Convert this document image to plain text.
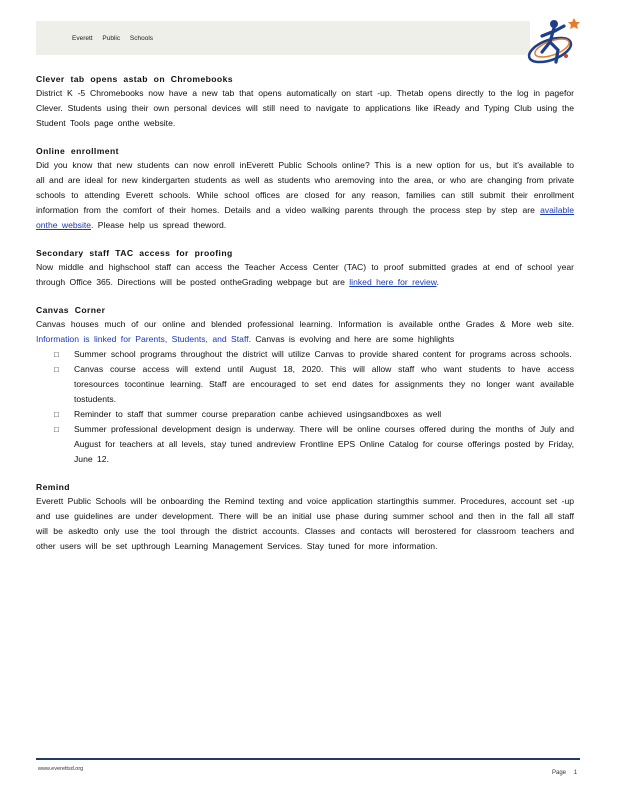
Everett Public Schools
Clever tab opens astab on Chromebooks

District K -5 Chromebooks now have a new tab that opens automatically on start -up. Thetab opens directly to the log in pagefor Clever. Students using their own personal devices will still need to navigate to applications like iReady and Typing Club using the Student Tools page onthe website.

Online enrollment

Did you know that new students can now enroll inEverett Public Schools online? This is a new option for us, but it's available to all and are ideal for new kindergarten students as well as students who aremoving into the area, or who are changing from private schools to attending Everett schools. While school offices are closed for any reason, families can still submit their enrollment information from the comfort of their homes. Details and a video walking parents through the process step by step are available onthe website. Please help us spread theword.

Secondary staff TAC access for proofing

Now middle and highschool staff can access the Teacher Access Center (TAC) to proof submitted grades at end of school year through Office 365. Directions will be posted ontheGrading webpage but are linked here for review.

Canvas Corner

Canvas houses much of our online and blended professional learning. Information is available onthe Grades & More web site. Information is linked for Parents, Students, and Staff. Canvas is evolving and here are some highlights

□ Summer school programs throughout the district will utilize Canvas to provide shared content for programs across schools.
□ Canvas course access will extend until August 18, 2020. This will allow staff who want students to have access toresources tocontinue learning. Staff are encouraged to set end dates for assignments they no longer want available tostudents.
□ Reminder to staff that summer course preparation canbe achieved usingsandboxes as well
□ Summer professional development design is underway. There will be online courses offered during the months of July and August for teachers at all levels, stay tuned andreview Frontline EPS Online Catalog for course offerings posted by Friday, June 12.
Remind

Everett Public Schools will be onboarding the Remind texting and voice application startingthis summer. Procedures, account set -up and use guidelines are under development. There will be an initial use phase during summer school and then in the fall all staff will be askedto only use the tool through the district accounts. Classes and contacts will berostered for classroom teachers and other users will be set upthrough Learning Management Services. Stay tuned for more information.

www.everettsd.org
Page 1
